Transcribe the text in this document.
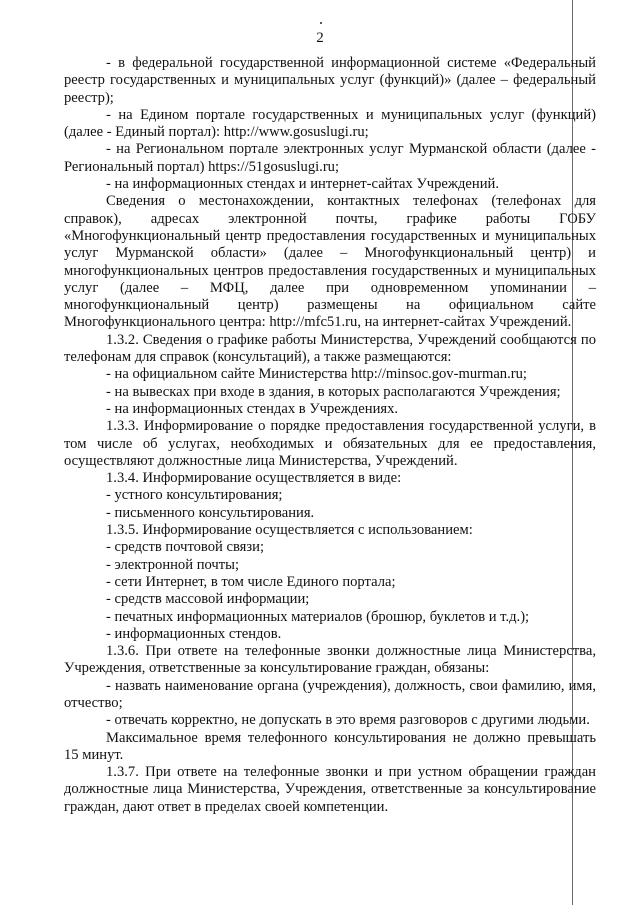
2

- в федеральной государственной информационной системе «Федеральный реестр государственных и муниципальных услуг (функций)» (далее – федеральный реестр);

- на Едином портале государственных и муниципальных услуг (функций) (далее - Единый портал): http://www.gosuslugi.ru;

- на Региональном портале электронных услуг Мурманской области (далее - Региональный портал) https://51gosuslugi.ru;

- на информационных стендах и интернет-сайтах Учреждений.

Сведения о местонахождении, контактных телефонах (телефонах для справок), адресах электронной почты, графике работы ГОБУ «Многофункциональный центр предоставления государственных и муниципальных услуг Мурманской области» (далее – Многофункциональный центр) и многофункциональных центров предоставления государственных и муниципальных услуг (далее – МФЦ, далее при одновременном упоминании – многофункциональный центр) размещены на официальном сайте Многофункционального центра: http://mfc51.ru, на интернет-сайтах Учреждений.

1.3.2. Сведения о графике работы Министерства, Учреждений сообщаются по телефонам для справок (консультаций), а также размещаются:

- на официальном сайте Министерства http://minsoc.gov-murman.ru;

- на вывесках при входе в здания, в которых располагаются Учреждения;

- на информационных стендах в Учреждениях.

1.3.3. Информирование о порядке предоставления государственной услуги, в том числе об услугах, необходимых и обязательных для ее предоставления, осуществляют должностные лица Министерства, Учреждений.

1.3.4. Информирование осуществляется в виде:

- устного консультирования;

- письменного консультирования.

1.3.5. Информирование осуществляется с использованием:

- средств почтовой связи;

- электронной почты;

- сети Интернет, в том числе Единого портала;

- средств массовой информации;

- печатных информационных материалов (брошюр, буклетов и т.д.);

- информационных стендов.

1.3.6. При ответе на телефонные звонки должностные лица Министерства, Учреждения, ответственные за консультирование граждан, обязаны:

- назвать наименование органа (учреждения), должность, свои фамилию, имя, отчество;

- отвечать корректно, не допускать в это время разговоров с другими людьми.

Максимальное время телефонного консультирования не должно превышать 15 минут.

1.3.7. При ответе на телефонные звонки и при устном обращении граждан должностные лица Министерства, Учреждения, ответственные за консультирование граждан, дают ответ в пределах своей компетенции.
